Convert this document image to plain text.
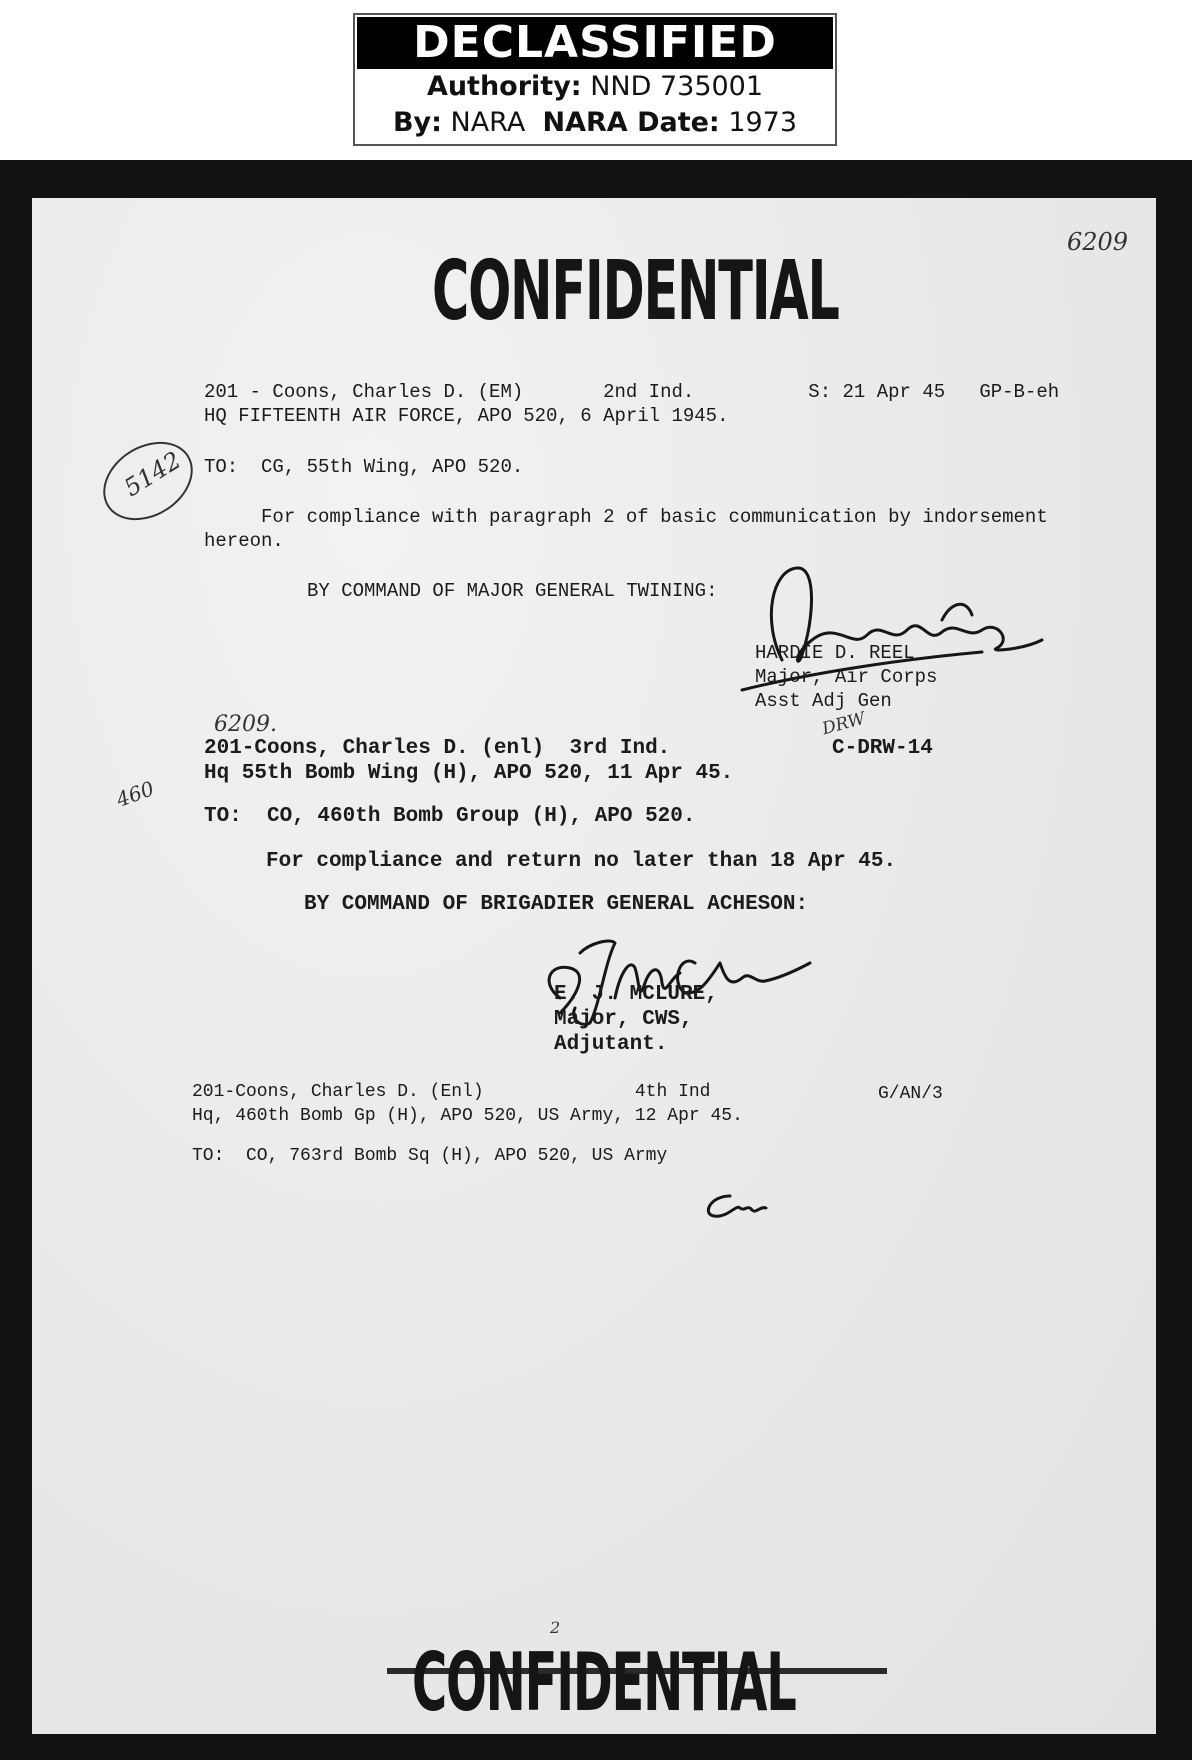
DECLASSIFIED
Authority: NND 735001
By: NARA NARA Date: 1973
CONFIDENTIAL
6209
5142
201 - Coons, Charles D. (EM)       2nd Ind.          S: 21 Apr 45   GP-B-eh
HQ FIFTEENTH AIR FORCE, APO 520, 6 April 1945.
TO:  CG, 55th Wing, APO 520.
For compliance with paragraph 2 of basic communication by indorsement
hereon.
BY COMMAND OF MAJOR GENERAL TWINING:
HARDIE D. REEL
Major, Air Corps
Asst Adj Gen
6209.	DRW
460
201-Coons, Charles D. (enl)  3rd Ind.	C-DRW-14
Hq 55th Bomb Wing (H), APO 520, 11 Apr 45.
TO:  CO, 460th Bomb Group (H), APO 520.
For compliance and return no later than 18 Apr 45.
BY COMMAND OF BRIGADIER GENERAL ACHESON:
E. J. MCLURE,
Major, CWS,
Adjutant.
201-Coons, Charles D. (Enl)              4th Ind	G/AN/3
Hq, 460th Bomb Gp (H), APO 520, US Army, 12 Apr 45.
TO:  CO, 763rd Bomb Sq (H), APO 520, US Army
2
CONFIDENTIAL
